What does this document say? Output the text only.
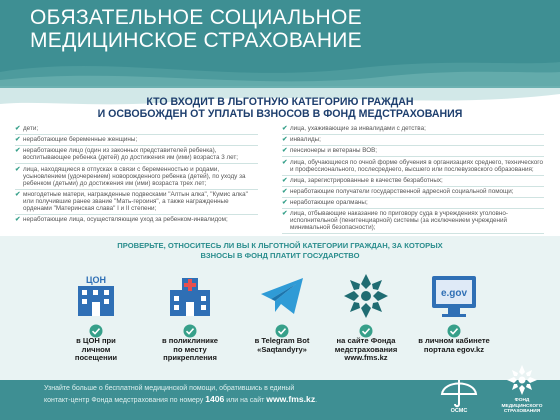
ОБЯЗАТЕЛЬНОЕ СОЦИАЛЬНОЕ
МЕДИЦИНСКОЕ СТРАХОВАНИЕ
КТО ВХОДИТ В ЛЬГОТНУЮ КАТЕГОРИЮ ГРАЖДАН
И ОСВОБОЖДЕН ОТ УПЛАТЫ ВЗНОСОВ В ФОНД МЕДСТРАХОВАНИЯ
✔ дети;
✔ неработающие беременные женщины;
✔ неработающее лицо (один из законных представителей ребенка), воспитывающее ребенка (детей) до достижения им (ими) возраста 3 лет;
✔ лица, находящиеся в отпусках в связи с беременностью и родами, усыновлением (удочерением) новорожденного ребенка (детей), по уходу за ребенком (детьми) до достижения им (ими) возраста трех лет;
✔ многодетные матери, награжденные подвесками "Алтын алка", "Кумис алка" или получившие ранее звание "Мать-героиня", а также награжденные орденами "Материнская слава" I и II степени;
✔ неработающие лица, осуществляющие уход за ребенком-инвалидом;
✔ лица, ухаживающие за инвалидами с детства;
✔ инвалиды;
✔ пенсионеры и ветераны ВОВ;
✔ лица, обучающиеся по очной форме обучения в организациях среднего, технического и профессионального, послесреднего, высшего или послевузовского образования;
✔ лица, зарегистрированные в качестве безработных;
✔ неработающие получатели государственной адресной социальной помощи;
✔ неработающие оралманы;
✔ лица, отбывающие наказание по приговору суда в учреждениях уголовно-исполнительной (пенитенциарной) системы (за исключением учреждений минимальной безопасности);
ПРОВЕРЬТЕ, ОТНОСИТЕСЬ ЛИ ВЫ К ЛЬГОТНОЙ КАТЕГОРИИ ГРАЖДАН, ЗА КОТОРЫХ
ВЗНОСЫ В ФОНД ПЛАТИТ ГОСУДАРСТВО
ЦОН
в ЦОН при
личном
посещении
в поликлинике
по месту
прикрепления
в Telegram Bot
«Saqtandyry»
на сайте Фонда
медстрахования
www.fms.kz
e.gov
в личном кабинете
портала egov.kz
Узнайте больше о бесплатной медицинской помощи, обратившись в единый
контакт-центр Фонда медстрахования по номеру 1406 или на сайт www.fms.kz.
ОСМС
ФОНД
МЕДИЦИНСКОГО
СТРАХОВАНИЯ
